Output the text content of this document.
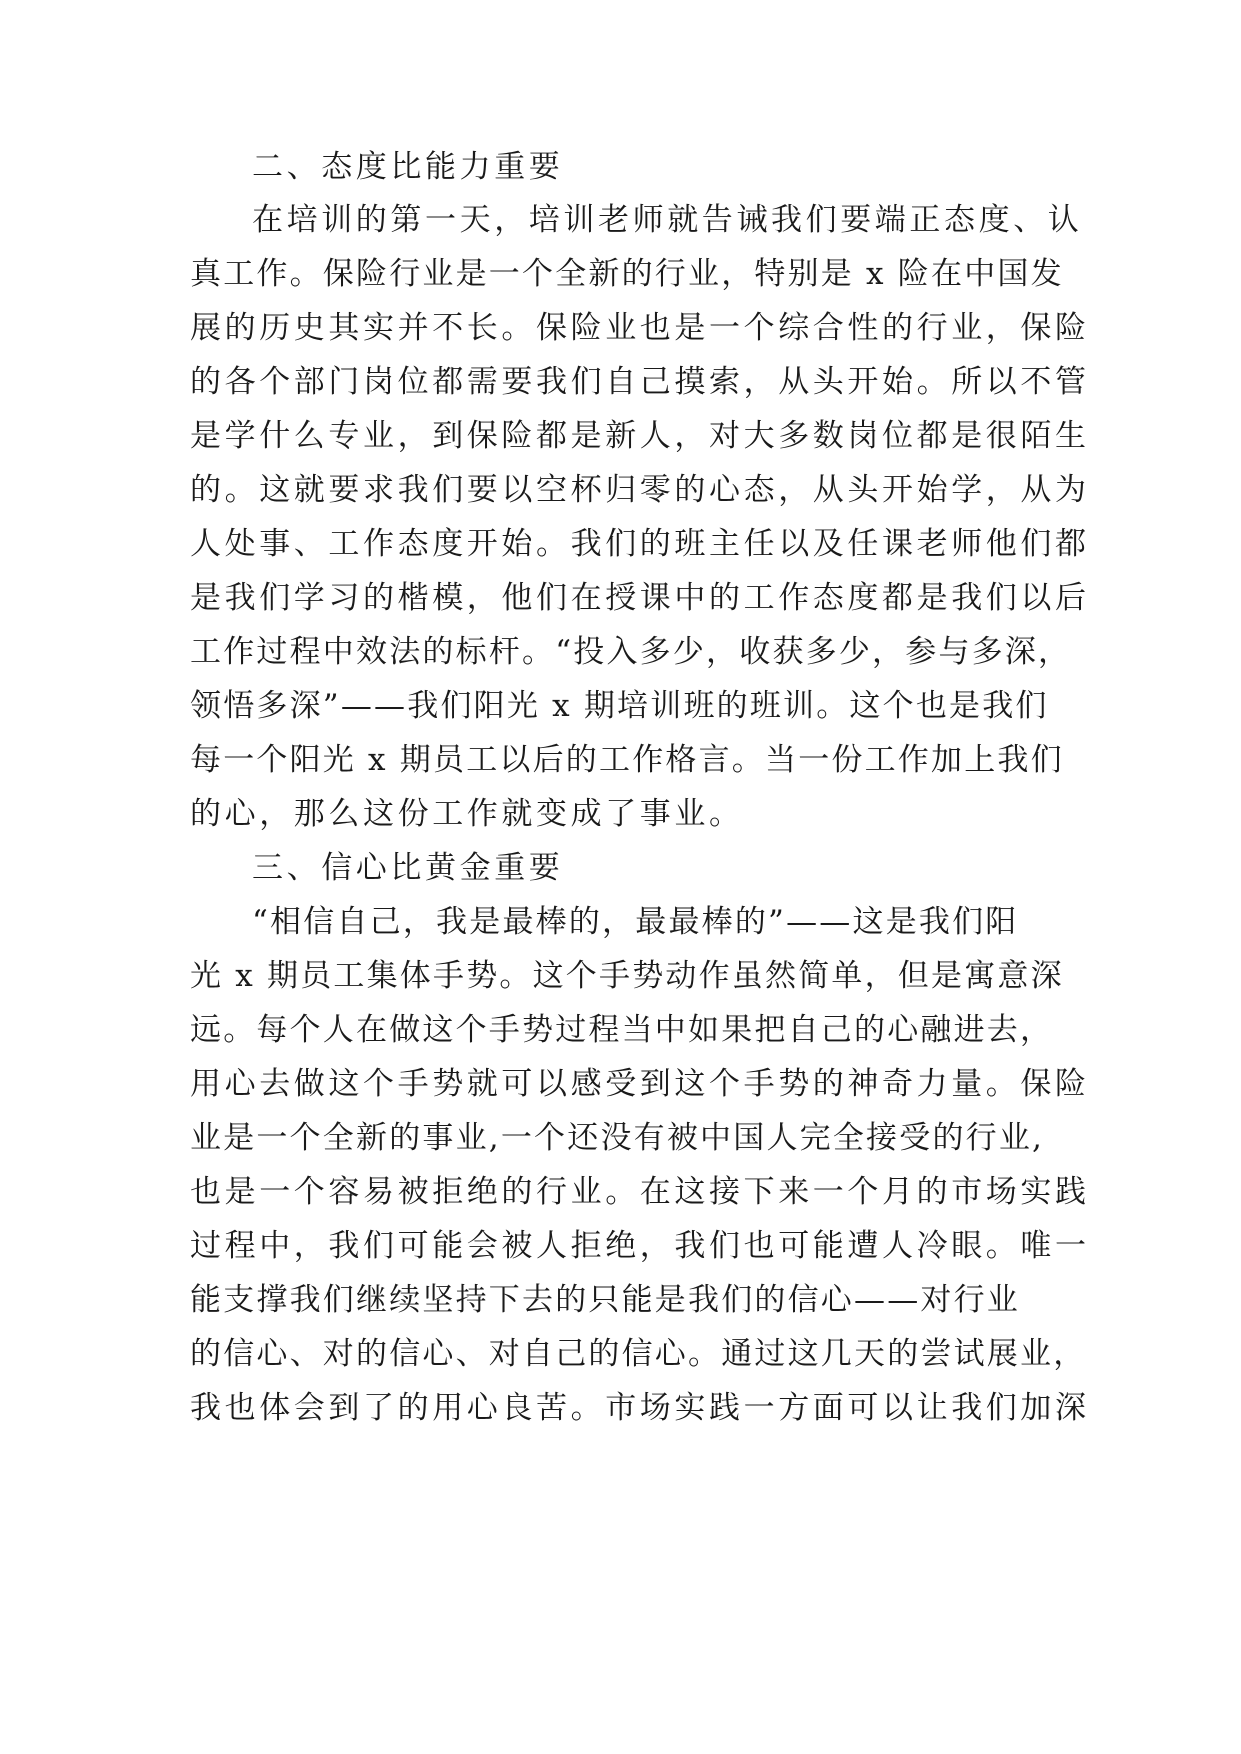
二、态度比能力重要
在培训的第一天，培训老师就告诫我们要端正态度、认
真工作。保险行业是一个全新的行业，特别是 x 险在中国发
展的历史其实并不长。保险业也是一个综合性的行业，保险
的各个部门岗位都需要我们自己摸索，从头开始。所以不管
是学什么专业，到保险都是新人，对大多数岗位都是很陌生
的。这就要求我们要以空杯归零的心态，从头开始学，从为
人处事、工作态度开始。我们的班主任以及任课老师他们都
是我们学习的楷模，他们在授课中的工作态度都是我们以后
工作过程中效法的标杆。“投入多少，收获多少，参与多深，
领悟多深”——我们阳光 x 期培训班的班训。这个也是我们
每一个阳光 x 期员工以后的工作格言。当一份工作加上我们
的心，那么这份工作就变成了事业。
三、信心比黄金重要
“相信自己，我是最棒的，最最棒的”——这是我们阳
光 x 期员工集体手势。这个手势动作虽然简单，但是寓意深
远。每个人在做这个手势过程当中如果把自己的心融进去，
用心去做这个手势就可以感受到这个手势的神奇力量。保险
业是一个全新的事业,一个还没有被中国人完全接受的行业,
也是一个容易被拒绝的行业。在这接下来一个月的市场实践
过程中，我们可能会被人拒绝，我们也可能遭人冷眼。唯一
能支撑我们继续坚持下去的只能是我们的信心——对行业
的信心、对的信心、对自己的信心。通过这几天的尝试展业，
我也体会到了的用心良苦。市场实践一方面可以让我们加深
